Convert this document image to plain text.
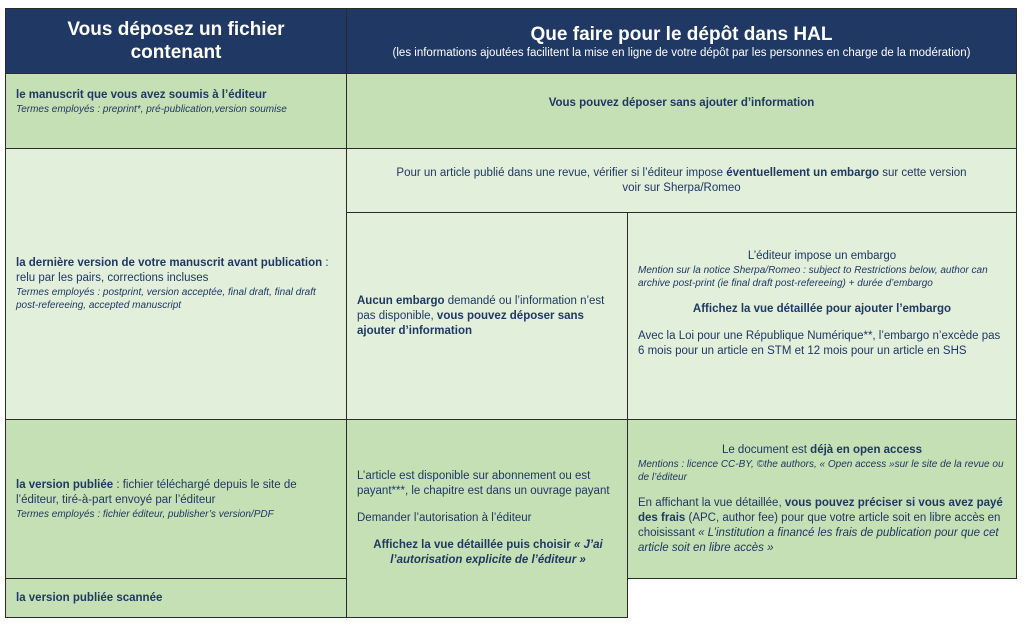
Vous déposez un fichier contenant
Que faire pour le dépôt dans HAL
(les informations ajoutées facilitent la mise en ligne de votre dépôt par les personnes en charge de la modération)
le manuscrit que vous avez soumis à l’éditeur
Termes employés : preprint*, pré-publication,version soumise
Vous pouvez déposer sans ajouter d’information
la dernière version de votre manuscrit avant publication : relu par les pairs, corrections incluses
Termes employés : postprint, version acceptée, final draft, final draft post-refereeing, accepted manuscript
Pour un article publié dans une revue, vérifier si l’éditeur impose éventuellement un embargo sur cette version
voir sur Sherpa/Romeo
Aucun embargo demandé ou l’information n’est pas disponible, vous pouvez déposer sans ajouter d’information
L’éditeur impose un embargo
Mention sur la notice Sherpa/Romeo : subject to Restrictions below, author can archive post-print (ie final draft post-refereeing) + durée d’embargo
Affichez la vue détaillée pour ajouter l’embargo
Avec la Loi pour une République Numérique**, l’embargo n’excède pas 6 mois pour un article en STM et 12 mois pour un article en SHS
la version publiée : fichier téléchargé depuis le site de l’éditeur, tiré-à-part envoyé par l’éditeur
Termes employés : fichier éditeur, publisher’s version/PDF
L’article est disponible sur abonnement ou est payant***, le chapitre est dans un ouvrage payant
Demander l’autorisation à l’éditeur
Affichez la vue détaillée puis choisir « J’ai l’autorisation explicite de l’éditeur »
Le document est déjà en open access
Mentions : licence CC-BY, ©the authors, « Open access »sur le site de la revue ou de l’éditeur
En affichant la vue détaillée, vous pouvez préciser si vous avez payé des frais (APC, author fee) pour que votre article soit en libre accès en choisissant « L’institution a financé les frais de publication pour que cet article soit en libre accès »
la version publiée scannée
